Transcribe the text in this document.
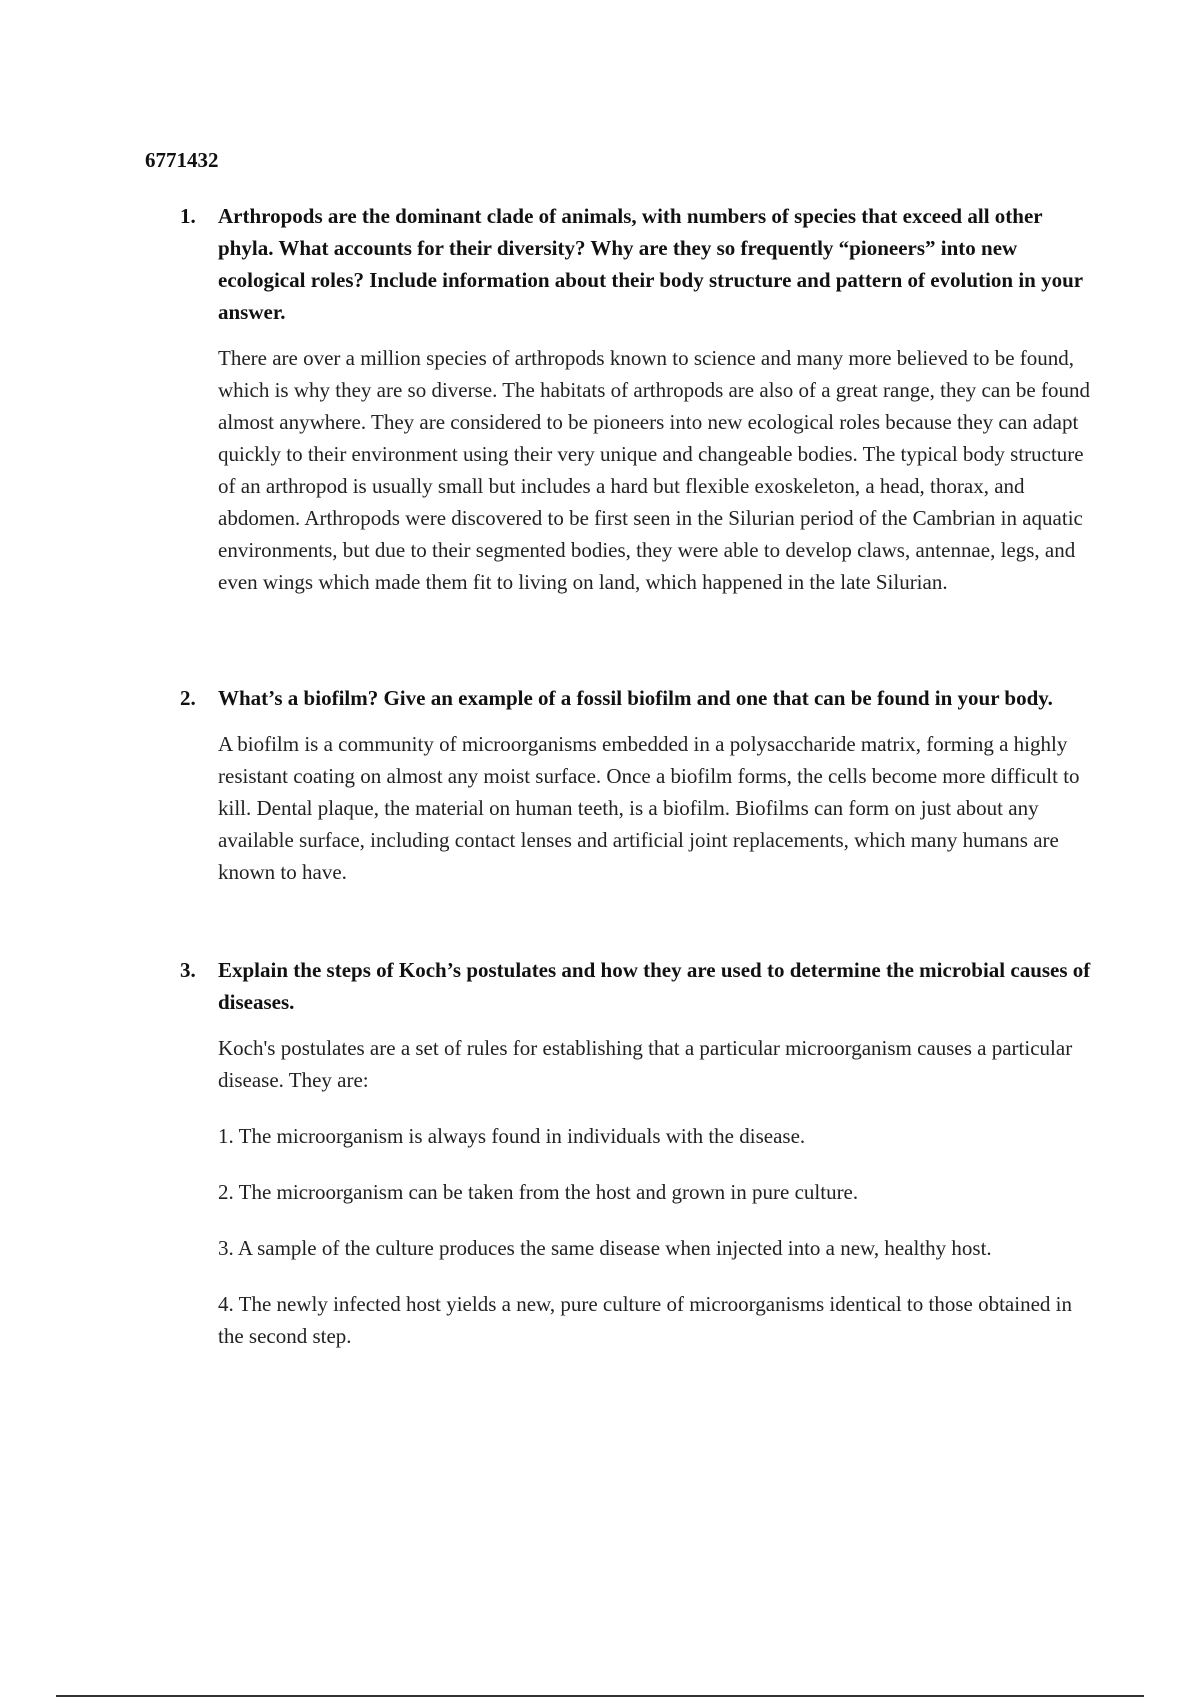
6771432
1. Arthropods are the dominant clade of animals, with numbers of species that exceed all other phyla. What accounts for their diversity? Why are they so frequently “pioneers” into new ecological roles? Include information about their body structure and pattern of evolution in your answer.

There are over a million species of arthropods known to science and many more believed to be found, which is why they are so diverse. The habitats of arthropods are also of a great range, they can be found almost anywhere. They are considered to be pioneers into new ecological roles because they can adapt quickly to their environment using their very unique and changeable bodies. The typical body structure of an arthropod is usually small but includes a hard but flexible exoskeleton, a head, thorax, and abdomen. Arthropods were discovered to be first seen in the Silurian period of the Cambrian in aquatic environments, but due to their segmented bodies, they were able to develop claws, antennae, legs, and even wings which made them fit to living on land, which happened in the late Silurian.

2. What’s a biofilm? Give an example of a fossil biofilm and one that can be found in your body.

A biofilm is a community of microorganisms embedded in a polysaccharide matrix, forming a highly resistant coating on almost any moist surface. Once a biofilm forms, the cells become more difficult to kill. Dental plaque, the material on human teeth, is a biofilm. Biofilms can form on just about any available surface, including contact lenses and artificial joint replacements, which many humans are known to have.

3. Explain the steps of Koch’s postulates and how they are used to determine the microbial causes of diseases.

Koch's postulates are a set of rules for establishing that a particular microorganism causes a particular disease. They are:

1. The microorganism is always found in individuals with the disease.

2. The microorganism can be taken from the host and grown in pure culture.

3. A sample of the culture produces the same disease when injected into a new, healthy host.

4. The newly infected host yields a new, pure culture of microorganisms identical to those obtained in the second step.
